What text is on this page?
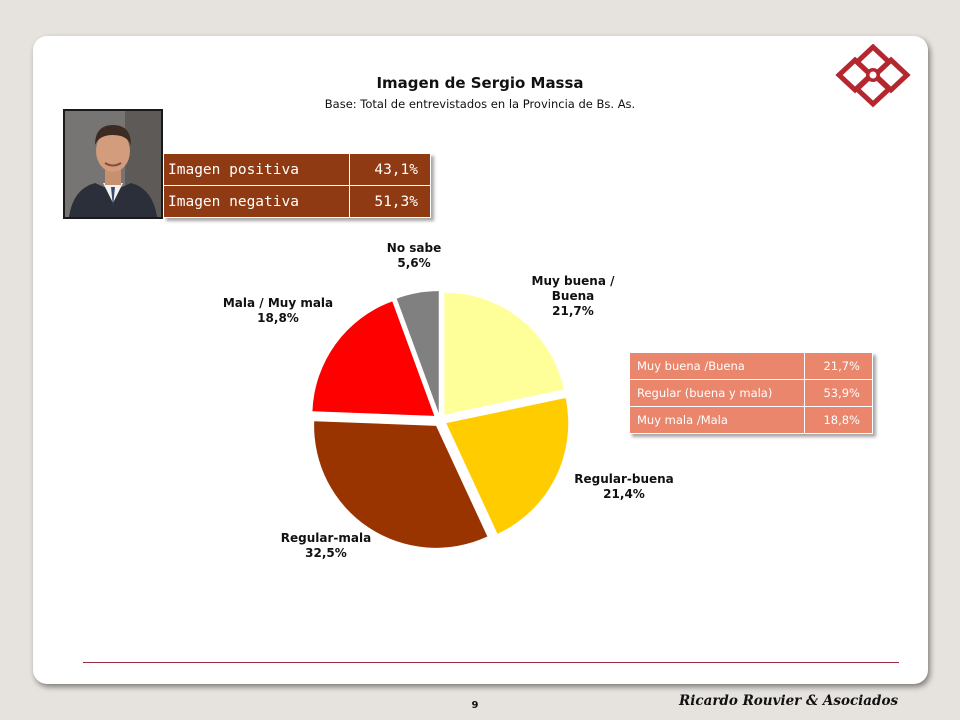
Imagen de Sergio Massa
Base: Total de entrevistados en la Provincia de Bs. As.
Imagen positiva	43,1%
Imagen negativa	51,3%
No sabe
5,6%
Muy buena / Buena
21,7%
Mala / Muy mala
18,8%
Regular-buena
21,4%
Regular-mala
32,5%
Muy buena /Buena	21,7%
Regular (buena y mala)	53,9%
Muy mala /Mala	18,8%
9	Ricardo Rouvier & Asociados
